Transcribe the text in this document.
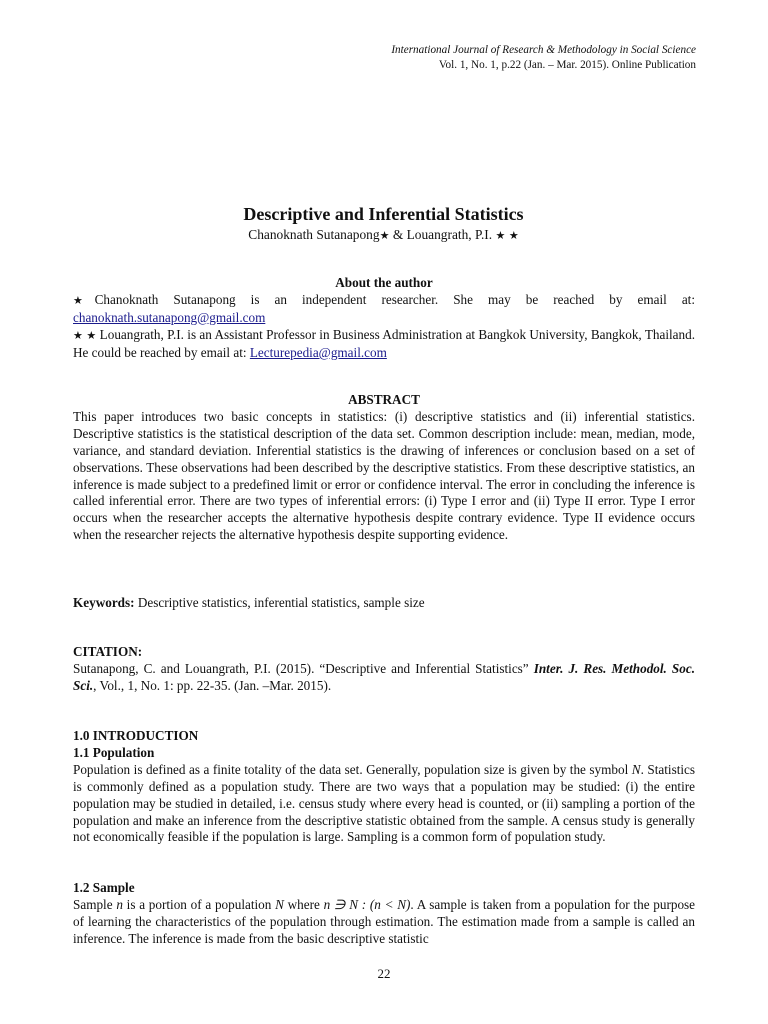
International Journal of Research & Methodology in Social Science
Vol. 1, No. 1, p.22 (Jan. – Mar. 2015). Online Publication
Descriptive and Inferential Statistics
Chanoknath Sutanapong★ & Louangrath, P.I. ★ ★

About the author

★Chanoknath Sutanapong is an independent researcher. She may be reached by email at: chanoknath.sutanapong@gmail.com

★ ★ Louangrath, P.I. is an Assistant Professor in Business Administration at Bangkok University, Bangkok, Thailand. He could be reached by email at: Lecturepedia@gmail.com

ABSTRACT

This paper introduces two basic concepts in statistics: (i) descriptive statistics and (ii) inferential statistics. Descriptive statistics is the statistical description of the data set. Common description include: mean, median, mode, variance, and standard deviation. Inferential statistics is the drawing of inferences or conclusion based on a set of observations. These observations had been described by the descriptive statistics. From these descriptive statistics, an inference is made subject to a predefined limit or error or confidence interval. The error in concluding the inference is called inferential error. There are two types of inferential errors: (i) Type I error and (ii) Type II error. Type I error occurs when the researcher accepts the alternative hypothesis despite contrary evidence. Type II evidence occurs when the researcher rejects the alternative hypothesis despite supporting evidence.

Keywords: Descriptive statistics, inferential statistics, sample size

CITATION:

Sutanapong, C. and Louangrath, P.I. (2015). “Descriptive and Inferential Statistics” Inter. J. Res. Methodol. Soc. Sci., Vol., 1, No. 1: pp. 22-35. (Jan. –Mar. 2015).

1.0 INTRODUCTION

1.1 Population

Population is defined as a finite totality of the data set. Generally, population size is given by the symbol N. Statistics is commonly defined as a population study. There are two ways that a population may be studied: (i) the entire population may be studied in detailed, i.e. census study where every head is counted, or (ii) sampling a portion of the population and make an inference from the descriptive statistic obtained from the sample. A census study is generally not economically feasible if the population is large. Sampling is a common form of population study.

1.2 Sample

Sample n is a portion of a population N where n ∋ N : (n < N). A sample is taken from a population for the purpose of learning the characteristics of the population through estimation. The estimation made from a sample is called an inference. The inference is made from the basic descriptive statistic

22
